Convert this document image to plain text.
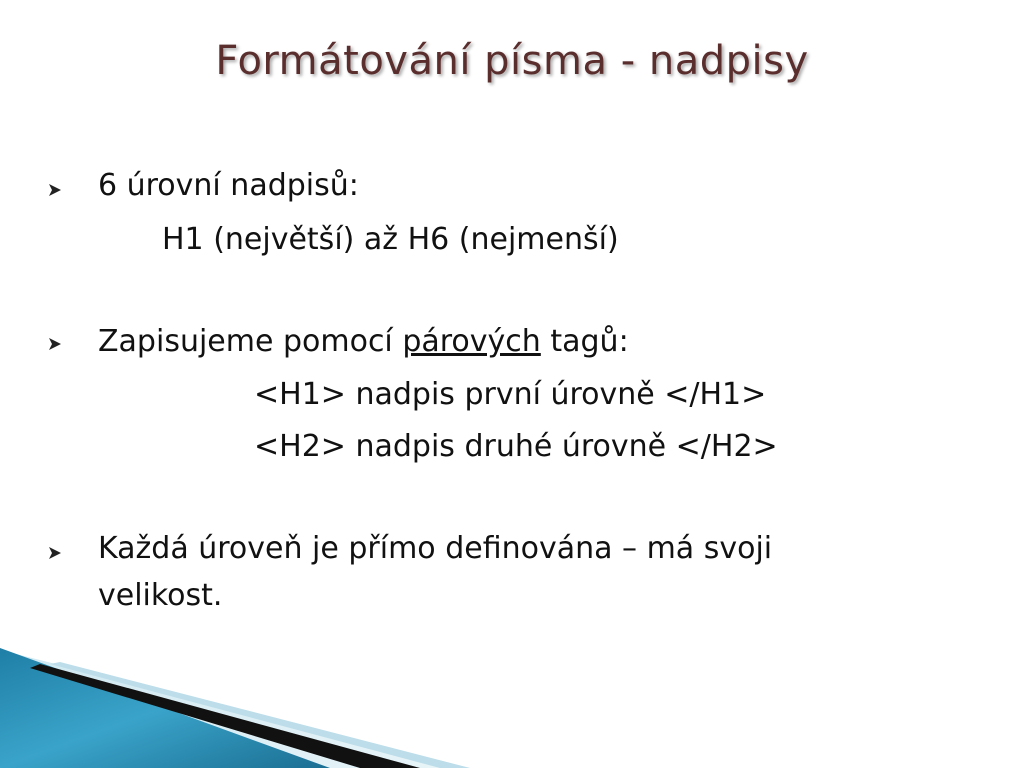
Formátování písma - nadpisy
6 úrovní nadpisů:
H1 (největší) až H6 (nejmenší)
Zapisujeme pomocí párových tagů:
<H1> nadpis první úrovně </H1>
<H2> nadpis druhé úrovně </H2>
Každá úroveň je přímo definována – má svoji
velikost.
